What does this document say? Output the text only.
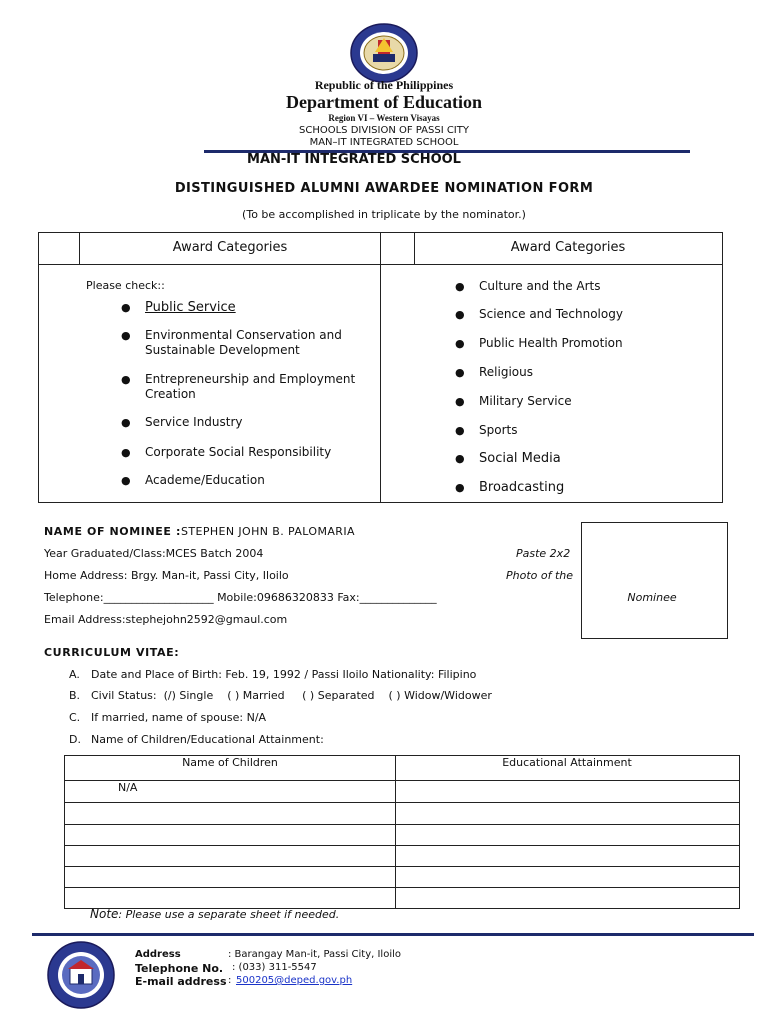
Republic of the Philippines
Department of Education
Region VI – Western Visayas
SCHOOLS DIVISION OF PASSI CITY
MAN–IT INTEGRATED SCHOOL
MAN-IT INTEGRATED SCHOOL
DISTINGUISHED ALUMNI AWARDEE NOMINATION FORM
(To be accomplished in triplicate by the nominator.)
Award Categories	Award Categories
Please check::
● Public Service
● Environmental Conservation and Sustainable Development
● Entrepreneurship and Employment Creation
● Service Industry
● Corporate Social Responsibility
● Academe/Education
● Culture and the Arts
● Science and Technology
● Public Health Promotion
● Religious
● Military Service
● Sports
● Social Media
● Broadcasting
NAME OF NOMINEE :STEPHEN JOHN B. PALOMARIA
Year Graduated/Class:MCES Batch 2004
Home Address: Brgy. Man-it, Passi City, Iloilo
Telephone:____________________ Mobile:09686320833 Fax:______________
Email Address:stephejohn2592@gmaul.com
Paste 2x2
Photo of the
Nominee
CURRICULUM VITAE:
A. Date and Place of Birth: Feb. 19, 1992 / Passi Iloilo Nationality: Filipino
B. Civil Status:  (/) Single    ( ) Married     ( ) Separated    ( ) Widow/Widower
C. If married, name of spouse: N/A
D. Name of Children/Educational Attainment:
Name of Children	Educational Attainment
N/A
Note: Please use a separate sheet if needed.
Address	: Barangay Man-it, Passi City, Iloilo
Telephone No. : (033) 311-5547
E-mail address : 500205@deped.gov.ph
